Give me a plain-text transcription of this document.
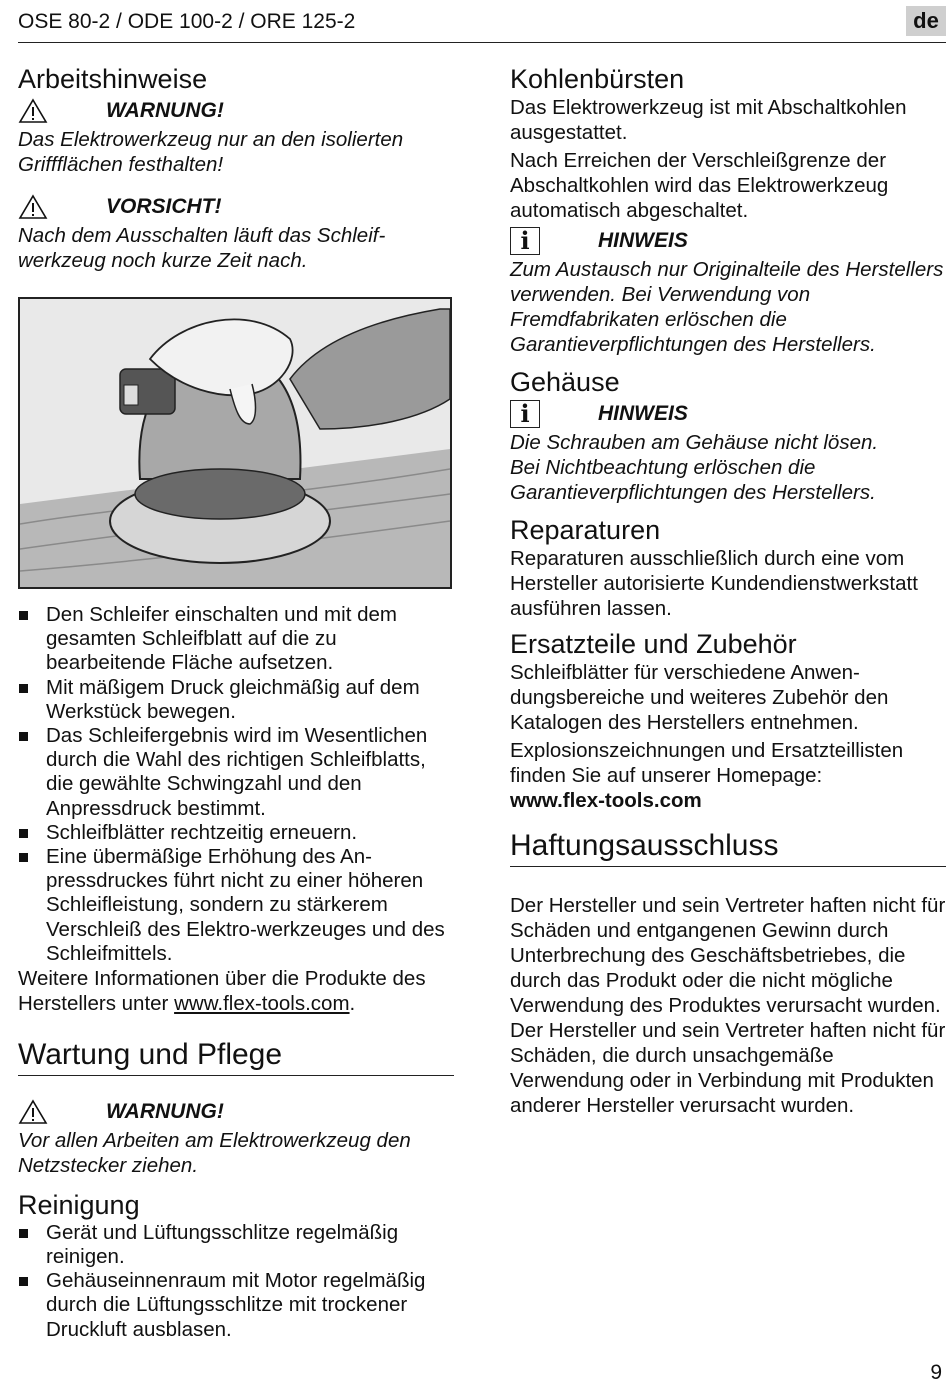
OSE 80-2 / ODE 100-2 / ORE 125-2	de
Arbeitshinweise
WARNUNG!

Das Elektrowerkzeug nur an den isolierten Griffflächen festhalten!

VORSICHT!

Nach dem Ausschalten läuft das Schleif-
werkzeug noch kurze Zeit nach.

Den Schleifer einschalten und mit dem gesamten Schleifblatt auf die zu bearbeitende Fläche aufsetzen.
Mit mäßigem Druck gleichmäßig auf dem Werkstück bewegen.
Das Schleifergebnis wird im Wesentlichen durch die Wahl des richtigen Schleifblatts, die gewählte Schwingzahl und den Anpressdruck bestimmt.
Schleifblätter rechtzeitig erneuern.
Eine übermäßige Erhöhung des An-pressdruckes führt nicht zu einer höheren Schleifleistung, sondern zu stärkerem Verschleiß des Elektro-werkzeuges und des Schleifmittels.

Weitere Informationen über die Produkte des Herstellers unter www.flex-tools.com.

Wartung und Pflege
WARNUNG!

Vor allen Arbeiten am Elektrowerkzeug den Netzstecker ziehen.

Reinigung
Gerät und Lüftungsschlitze regelmäßig reinigen.
Gehäuseinnenraum mit Motor regelmäßig durch die Lüftungsschlitze mit trockener Druckluft ausblasen.
Kohlenbürsten

Das Elektrowerkzeug ist mit Abschaltkohlen ausgestattet.

Nach Erreichen der Verschleißgrenze der Abschaltkohlen wird das Elektrowerkzeug automatisch abgeschaltet.

i	HINWEIS

Zum Austausch nur Originalteile des Herstellers verwenden. Bei Verwendung von Fremdfabrikaten erlöschen die Garantieverpflichtungen des Herstellers.

Gehäuse
i	HINWEIS

Die Schrauben am Gehäuse nicht lösen.
Bei Nichtbeachtung erlöschen die Garantieverpflichtungen des Herstellers.

Reparaturen

Reparaturen ausschließlich durch eine vom Hersteller autorisierte Kundendienstwerkstatt ausführen lassen.

Ersatzteile und Zubehör

Schleifblätter für verschiedene Anwen-dungsbereiche und weiteres Zubehör den Katalogen des Herstellers entnehmen.

Explosionszeichnungen und Ersatzteillisten finden Sie auf unserer Homepage:

www.flex-tools.com

Haftungsausschluss

Der Hersteller und sein Vertreter haften nicht für Schäden und entgangenen Gewinn durch Unterbrechung des Geschäftsbetriebes, die durch das Produkt oder die nicht mögliche Verwendung des Produktes verursacht wurden.

Der Hersteller und sein Vertreter haften nicht für Schäden, die durch unsachgemäße Verwendung oder in Verbindung mit Produkten anderer Hersteller verursacht wurden.

9
